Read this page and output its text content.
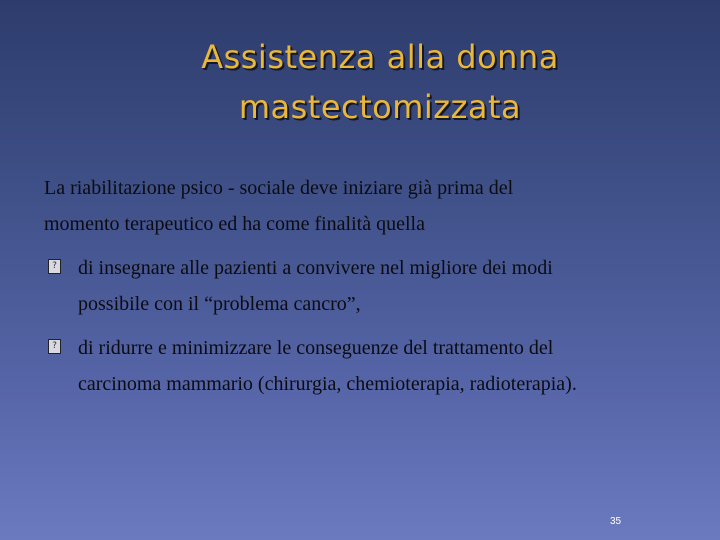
Assistenza alla donna
mastectomizzata
La riabilitazione psico - sociale deve iniziare già prima del
momento terapeutico ed ha come finalità quella
? di insegnare alle pazienti a convivere nel migliore dei modi
possibile con il “problema cancro”,
? di ridurre e minimizzare le conseguenze del trattamento del
carcinoma mammario (chirurgia, chemioterapia, radioterapia).
35
